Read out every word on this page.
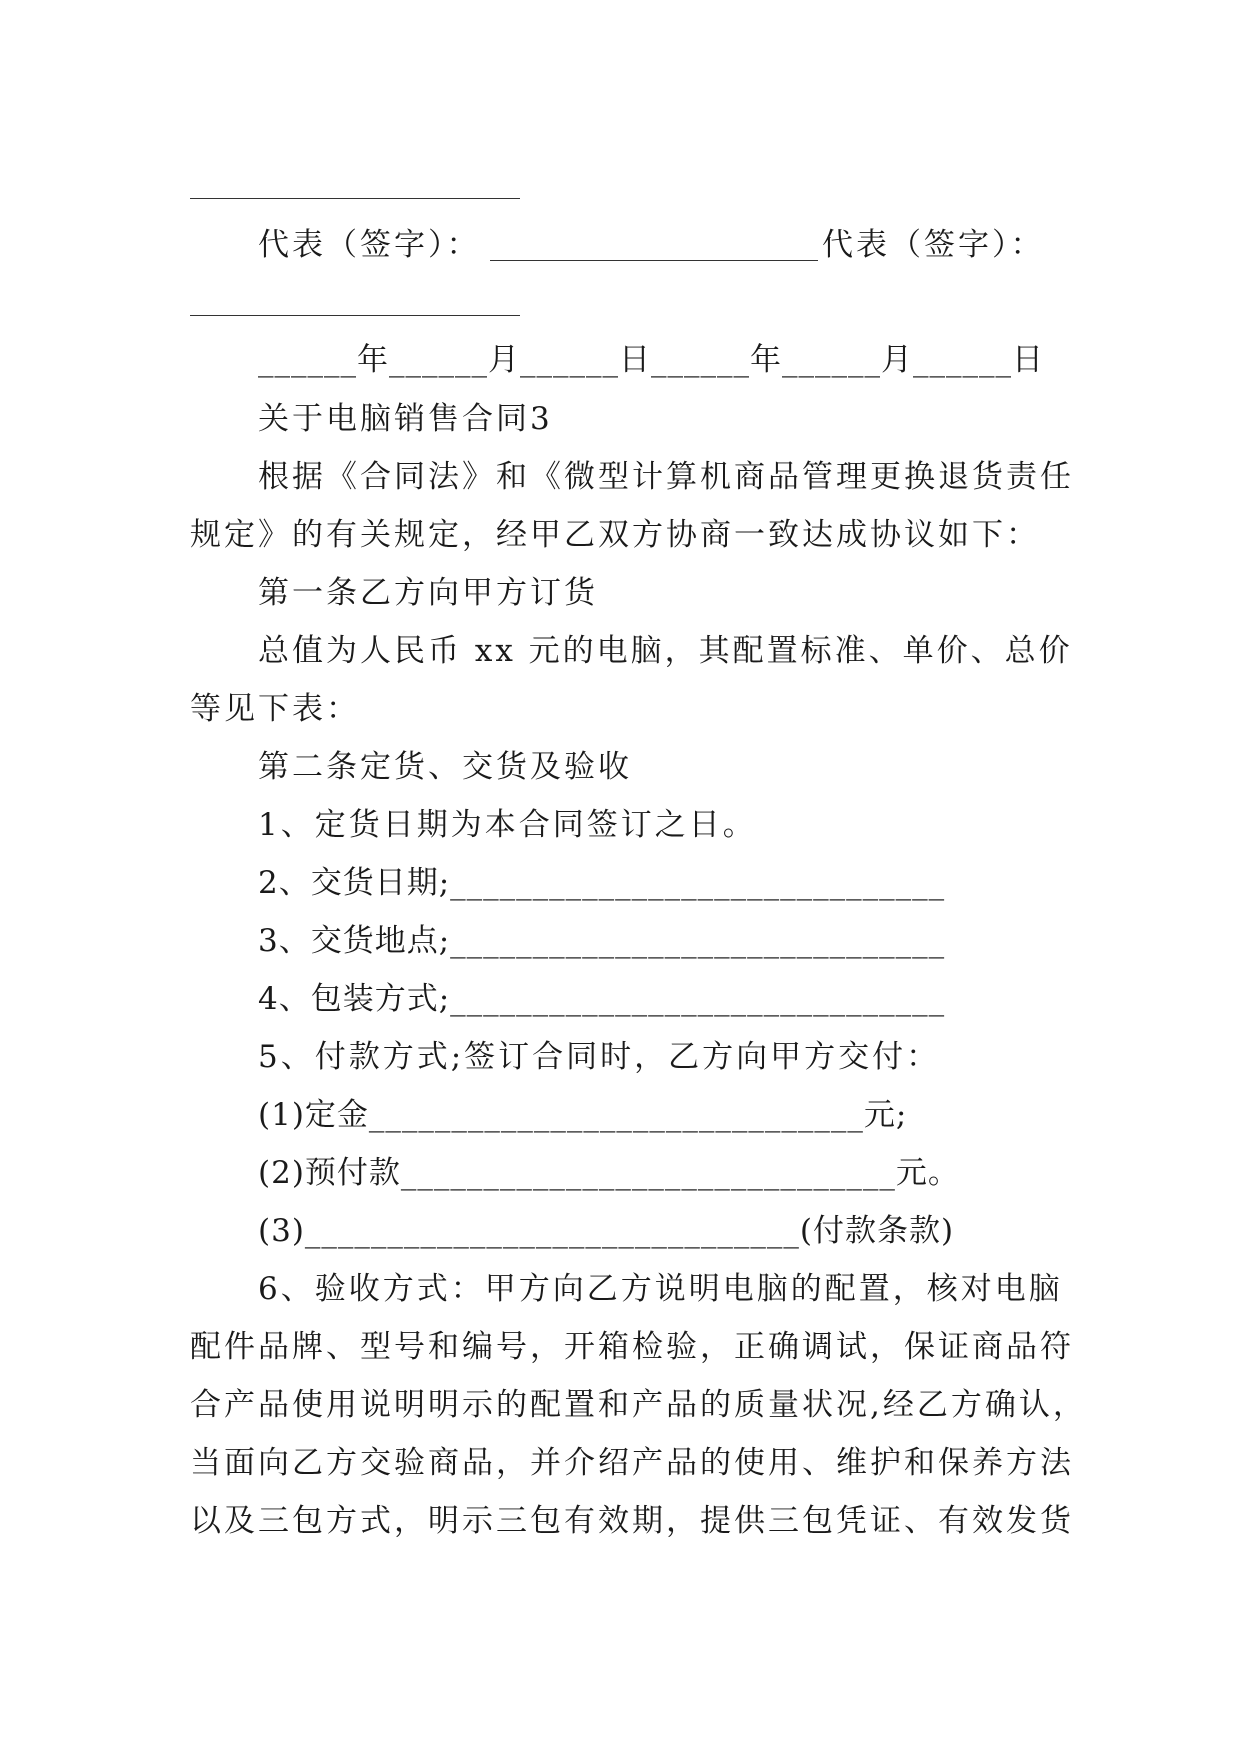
代表（签字）：	代表（签字）：
______年______月______日______年______月______日
关于电脑销售合同3
根据《合同法》和《微型计算机商品管理更换退货责任
规定》的有关规定，经甲乙双方协商一致达成协议如下：
第一条乙方向甲方订货
总值为人民币 xx 元的电脑，其配置标准、单价、总价
等见下表：
第二条定货、交货及验收
1、定货日期为本合同签订之日。
2、交货日期;______________________________
3、交货地点;______________________________
4、包装方式;______________________________
5、付款方式;签订合同时，乙方向甲方交付：
(1)定金______________________________元;
(2)预付款______________________________元。
(3)______________________________(付款条款)
6、验收方式：甲方向乙方说明电脑的配置，核对电脑
配件品牌、型号和编号，开箱检验，正确调试，保证商品符
合产品使用说明明示的配置和产品的质量状况,经乙方确认，
当面向乙方交验商品，并介绍产品的使用、维护和保养方法
以及三包方式，明示三包有效期，提供三包凭证、有效发货
